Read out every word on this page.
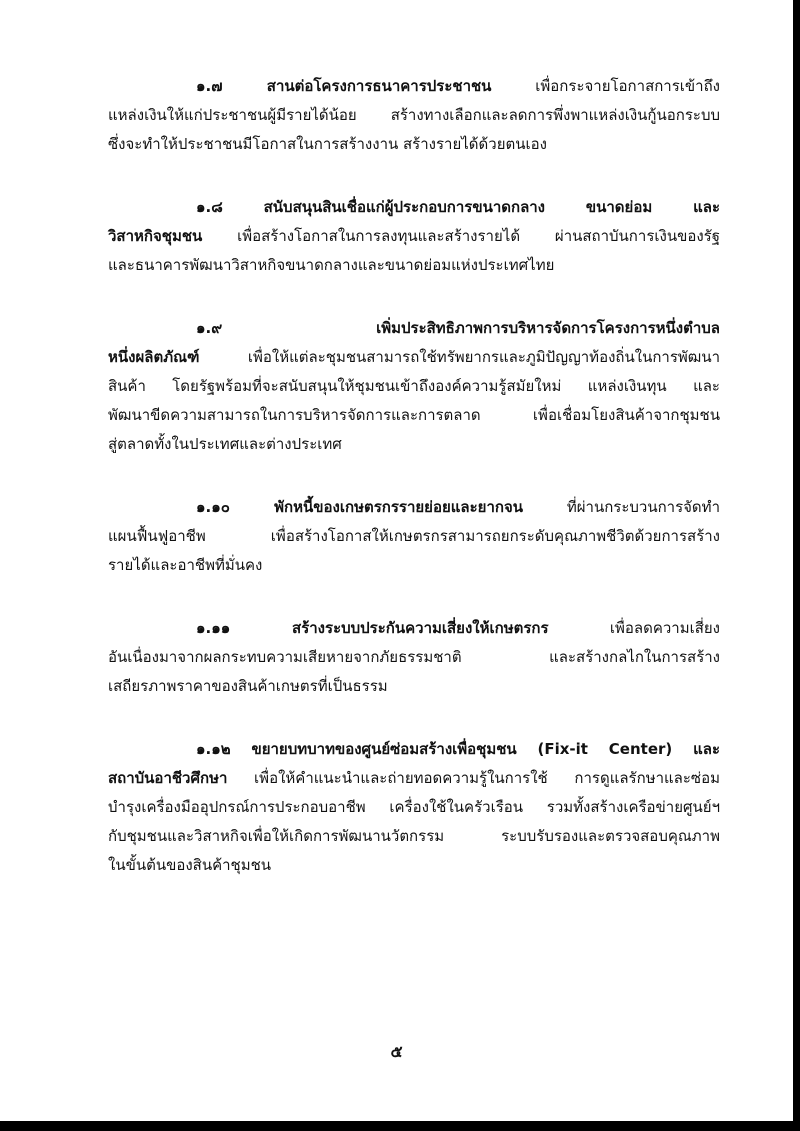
๑.๗ สานต่อโครงการธนาคารประชาชน เพื่อกระจายโอกาสการเข้าถึง
แหล่งเงินให้แก่ประชาชนผู้มีรายได้น้อย สร้างทางเลือกและลดการพึ่งพาแหล่งเงินกู้นอกระบบ
ซึ่งจะทำให้ประชาชนมีโอกาสในการสร้างงาน สร้างรายได้ด้วยตนเอง
๑.๘ สนับสนุนสินเชื่อแก่ผู้ประกอบการขนาดกลาง ขนาดย่อม และ
วิสาหกิจชุมชน เพื่อสร้างโอกาสในการลงทุนและสร้างรายได้ ผ่านสถาบันการเงินของรัฐ
และธนาคารพัฒนาวิสาหกิจขนาดกลางและขนาดย่อมแห่งประเทศไทย
๑.๙ เพิ่มประสิทธิภาพการบริหารจัดการโครงการหนึ่งตำบล
หนึ่งผลิตภัณฑ์ เพื่อให้แต่ละชุมชนสามารถใช้ทรัพยากรและภูมิปัญญาท้องถิ่นในการพัฒนา
สินค้า โดยรัฐพร้อมที่จะสนับสนุนให้ชุมชนเข้าถึงองค์ความรู้สมัยใหม่ แหล่งเงินทุน และ
พัฒนาขีดความสามารถในการบริหารจัดการและการตลาด เพื่อเชื่อมโยงสินค้าจากชุมชน
สู่ตลาดทั้งในประเทศและต่างประเทศ
๑.๑๐ พักหนี้ของเกษตรกรรายย่อยและยากจน ที่ผ่านกระบวนการจัดทำ
แผนฟื้นฟูอาชีพ เพื่อสร้างโอกาสให้เกษตรกรสามารถยกระดับคุณภาพชีวิตด้วยการสร้าง
รายได้และอาชีพที่มั่นคง
๑.๑๑ สร้างระบบประกันความเสี่ยงให้เกษตรกร เพื่อลดความเสี่ยง
อันเนื่องมาจากผลกระทบความเสียหายจากภัยธรรมชาติ และสร้างกลไกในการสร้าง
เสถียรภาพราคาของสินค้าเกษตรที่เป็นธรรม
๑.๑๒ ขยายบทบาทของศูนย์ซ่อมสร้างเพื่อชุมชน (Fix-it Center) และ
สถาบันอาชีวศึกษา เพื่อให้คำแนะนำและถ่ายทอดความรู้ในการใช้ การดูแลรักษาและซ่อม
บำรุงเครื่องมืออุปกรณ์การประกอบอาชีพ เครื่องใช้ในครัวเรือน รวมทั้งสร้างเครือข่ายศูนย์ฯ
กับชุมชนและวิสาหกิจเพื่อให้เกิดการพัฒนานวัตกรรม ระบบรับรองและตรวจสอบคุณภาพ
ในขั้นต้นของสินค้าชุมชน
๕
